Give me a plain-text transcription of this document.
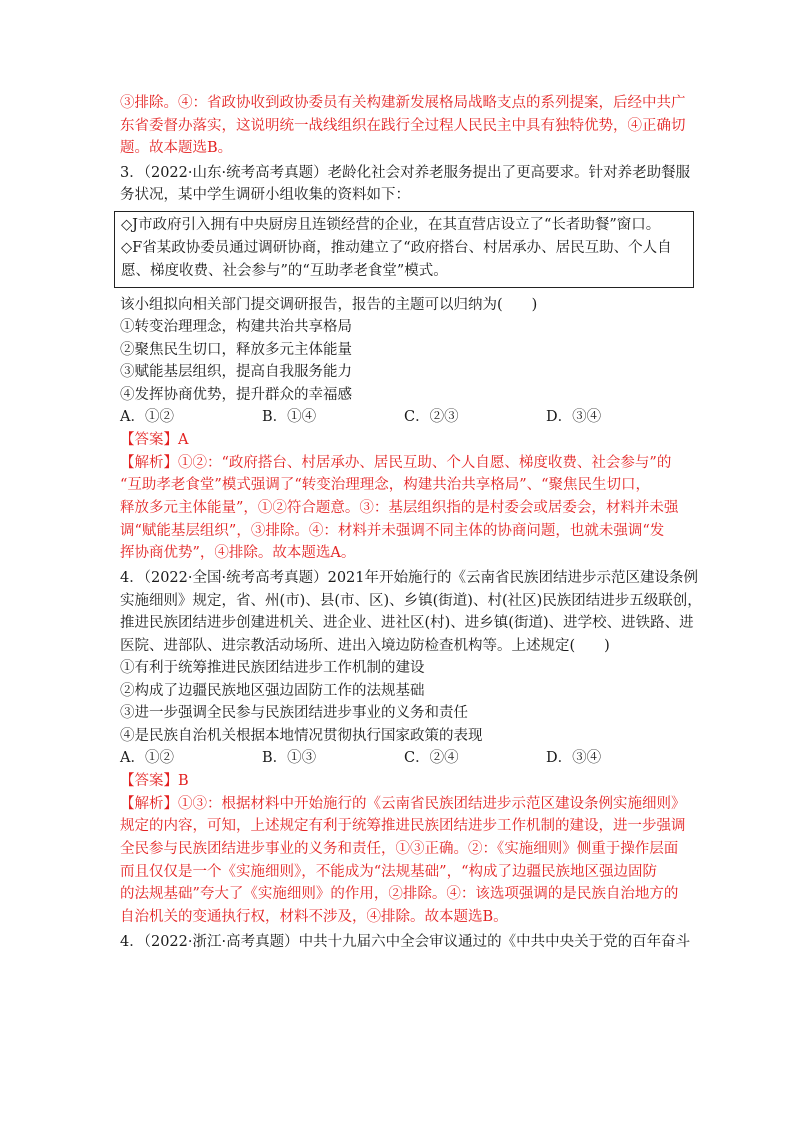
③排除。④：省政协收到政协委员有关构建新发展格局战略支点的系列提案，后经中共广
东省委督办落实，这说明统一战线组织在践行全过程人民民主中具有独特优势，④正确切
题。故本题选B。
3．（2022·山东·统考高考真题）老龄化社会对养老服务提出了更高要求。针对养老助餐服
务状况，某中学生调研小组收集的资料如下：
◇J市政府引入拥有中央厨房且连锁经营的企业，在其直营店设立了“长者助餐”窗口。
◇F省某政协委员通过调研协商，推动建立了“政府搭台、村居承办、居民互助、个人自
愿、梯度收费、社会参与”的“互助孝老食堂”模式。
该小组拟向相关部门提交调研报告，报告的主题可以归纳为(　　)
①转变治理理念，构建共治共享格局
②聚焦民生切口，释放多元主体能量
③赋能基层组织，提高自我服务能力
④发挥协商优势，提升群众的幸福感
A．①②	B．①④	C．②③	D．③④
【答案】A
【解析】①②：“政府搭台、村居承办、居民互助、个人自愿、梯度收费、社会参与”的
“互助孝老食堂”模式强调了“转变治理理念，构建共治共享格局”、“聚焦民生切口，
释放多元主体能量”，①②符合题意。③：基层组织指的是村委会或居委会，材料并未强
调“赋能基层组织”，③排除。④：材料并未强调不同主体的协商问题，也就未强调“发
挥协商优势”，④排除。故本题选A。
4．（2022·全国·统考高考真题）2021年开始施行的《云南省民族团结进步示范区建设条例
实施细则》规定，省、州(市)、县(市、区)、乡镇(街道)、村(社区)民族团结进步五级联创，
推进民族团结进步创建进机关、进企业、进社区(村)、进乡镇(街道)、进学校、进铁路、进
医院、进部队、进宗教活动场所、进出入境边防检查机构等。上述规定(　　)
①有利于统筹推进民族团结进步工作机制的建设
②构成了边疆民族地区强边固防工作的法规基础
③进一步强调全民参与民族团结进步事业的义务和责任
④是民族自治机关根据本地情况贯彻执行国家政策的表现
A．①②	B．①③	C．②④	D．③④
【答案】B
【解析】①③：根据材料中开始施行的《云南省民族团结进步示范区建设条例实施细则》
规定的内容，可知，上述规定有利于统筹推进民族团结进步工作机制的建设，进一步强调
全民参与民族团结进步事业的义务和责任，①③正确。②：《实施细则》侧重于操作层面
而且仅仅是一个《实施细则》，不能成为“法规基础”，“构成了边疆民族地区强边固防
的法规基础”夸大了《实施细则》的作用，②排除。④：该选项强调的是民族自治地方的
自治机关的变通执行权，材料不涉及，④排除。故本题选B。
4．（2022·浙江·高考真题）中共十九届六中全会审议通过的《中共中央关于党的百年奋斗
